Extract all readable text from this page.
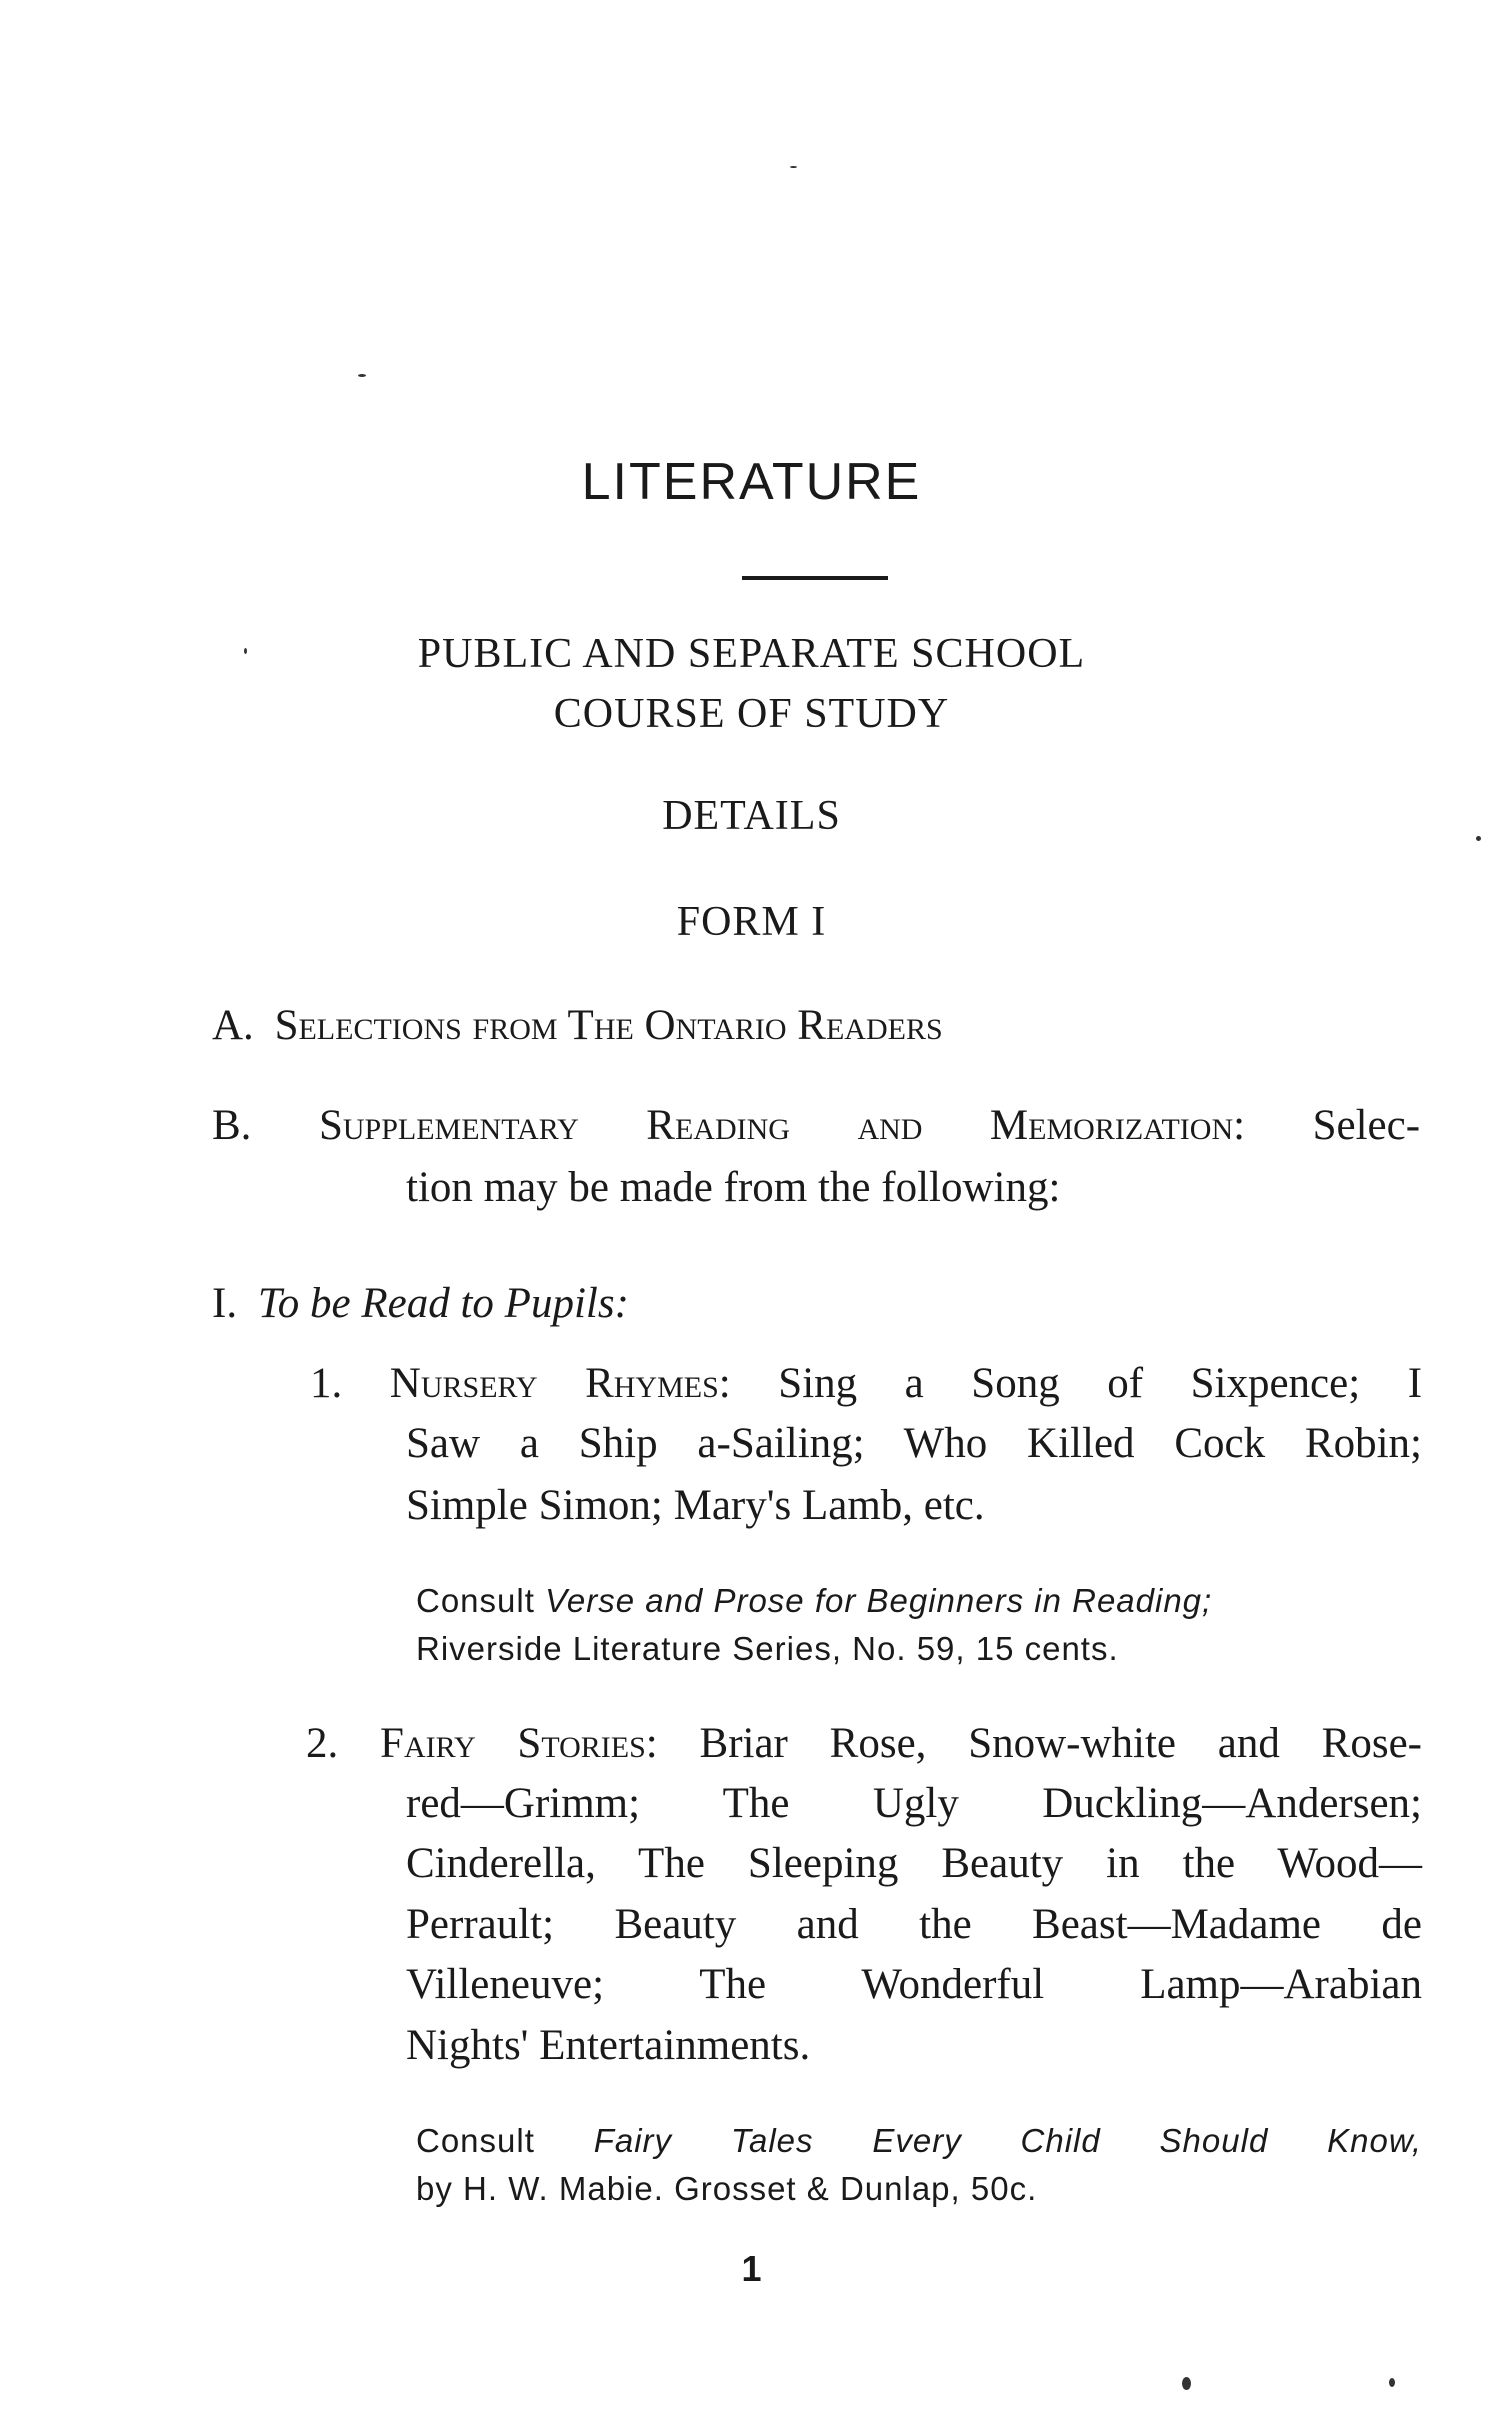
LITERATURE
PUBLIC AND SEPARATE SCHOOL
COURSE OF STUDY
DETAILS
FORM I
A. Selections from The Ontario Readers
B. Supplementary Reading and Memorization: Selec-
tion may be made from the following:
I. To be Read to Pupils:
1. Nursery Rhymes: Sing a Song of Sixpence; I
Saw a Ship a-Sailing; Who Killed Cock Robin;
Simple Simon; Mary's Lamb, etc.
Consult Verse and Prose for Beginners in Reading;
Riverside Literature Series, No. 59, 15 cents.
2. Fairy Stories: Briar Rose, Snow-white and Rose-
red—Grimm; The Ugly Duckling—Andersen;
Cinderella, The Sleeping Beauty in the Wood—
Perrault; Beauty and the Beast—Madame de
Villeneuve; The Wonderful Lamp—Arabian
Nights' Entertainments.
Consult Fairy Tales Every Child Should Know,
by H. W. Mabie. Grosset & Dunlap, 50c.
1
